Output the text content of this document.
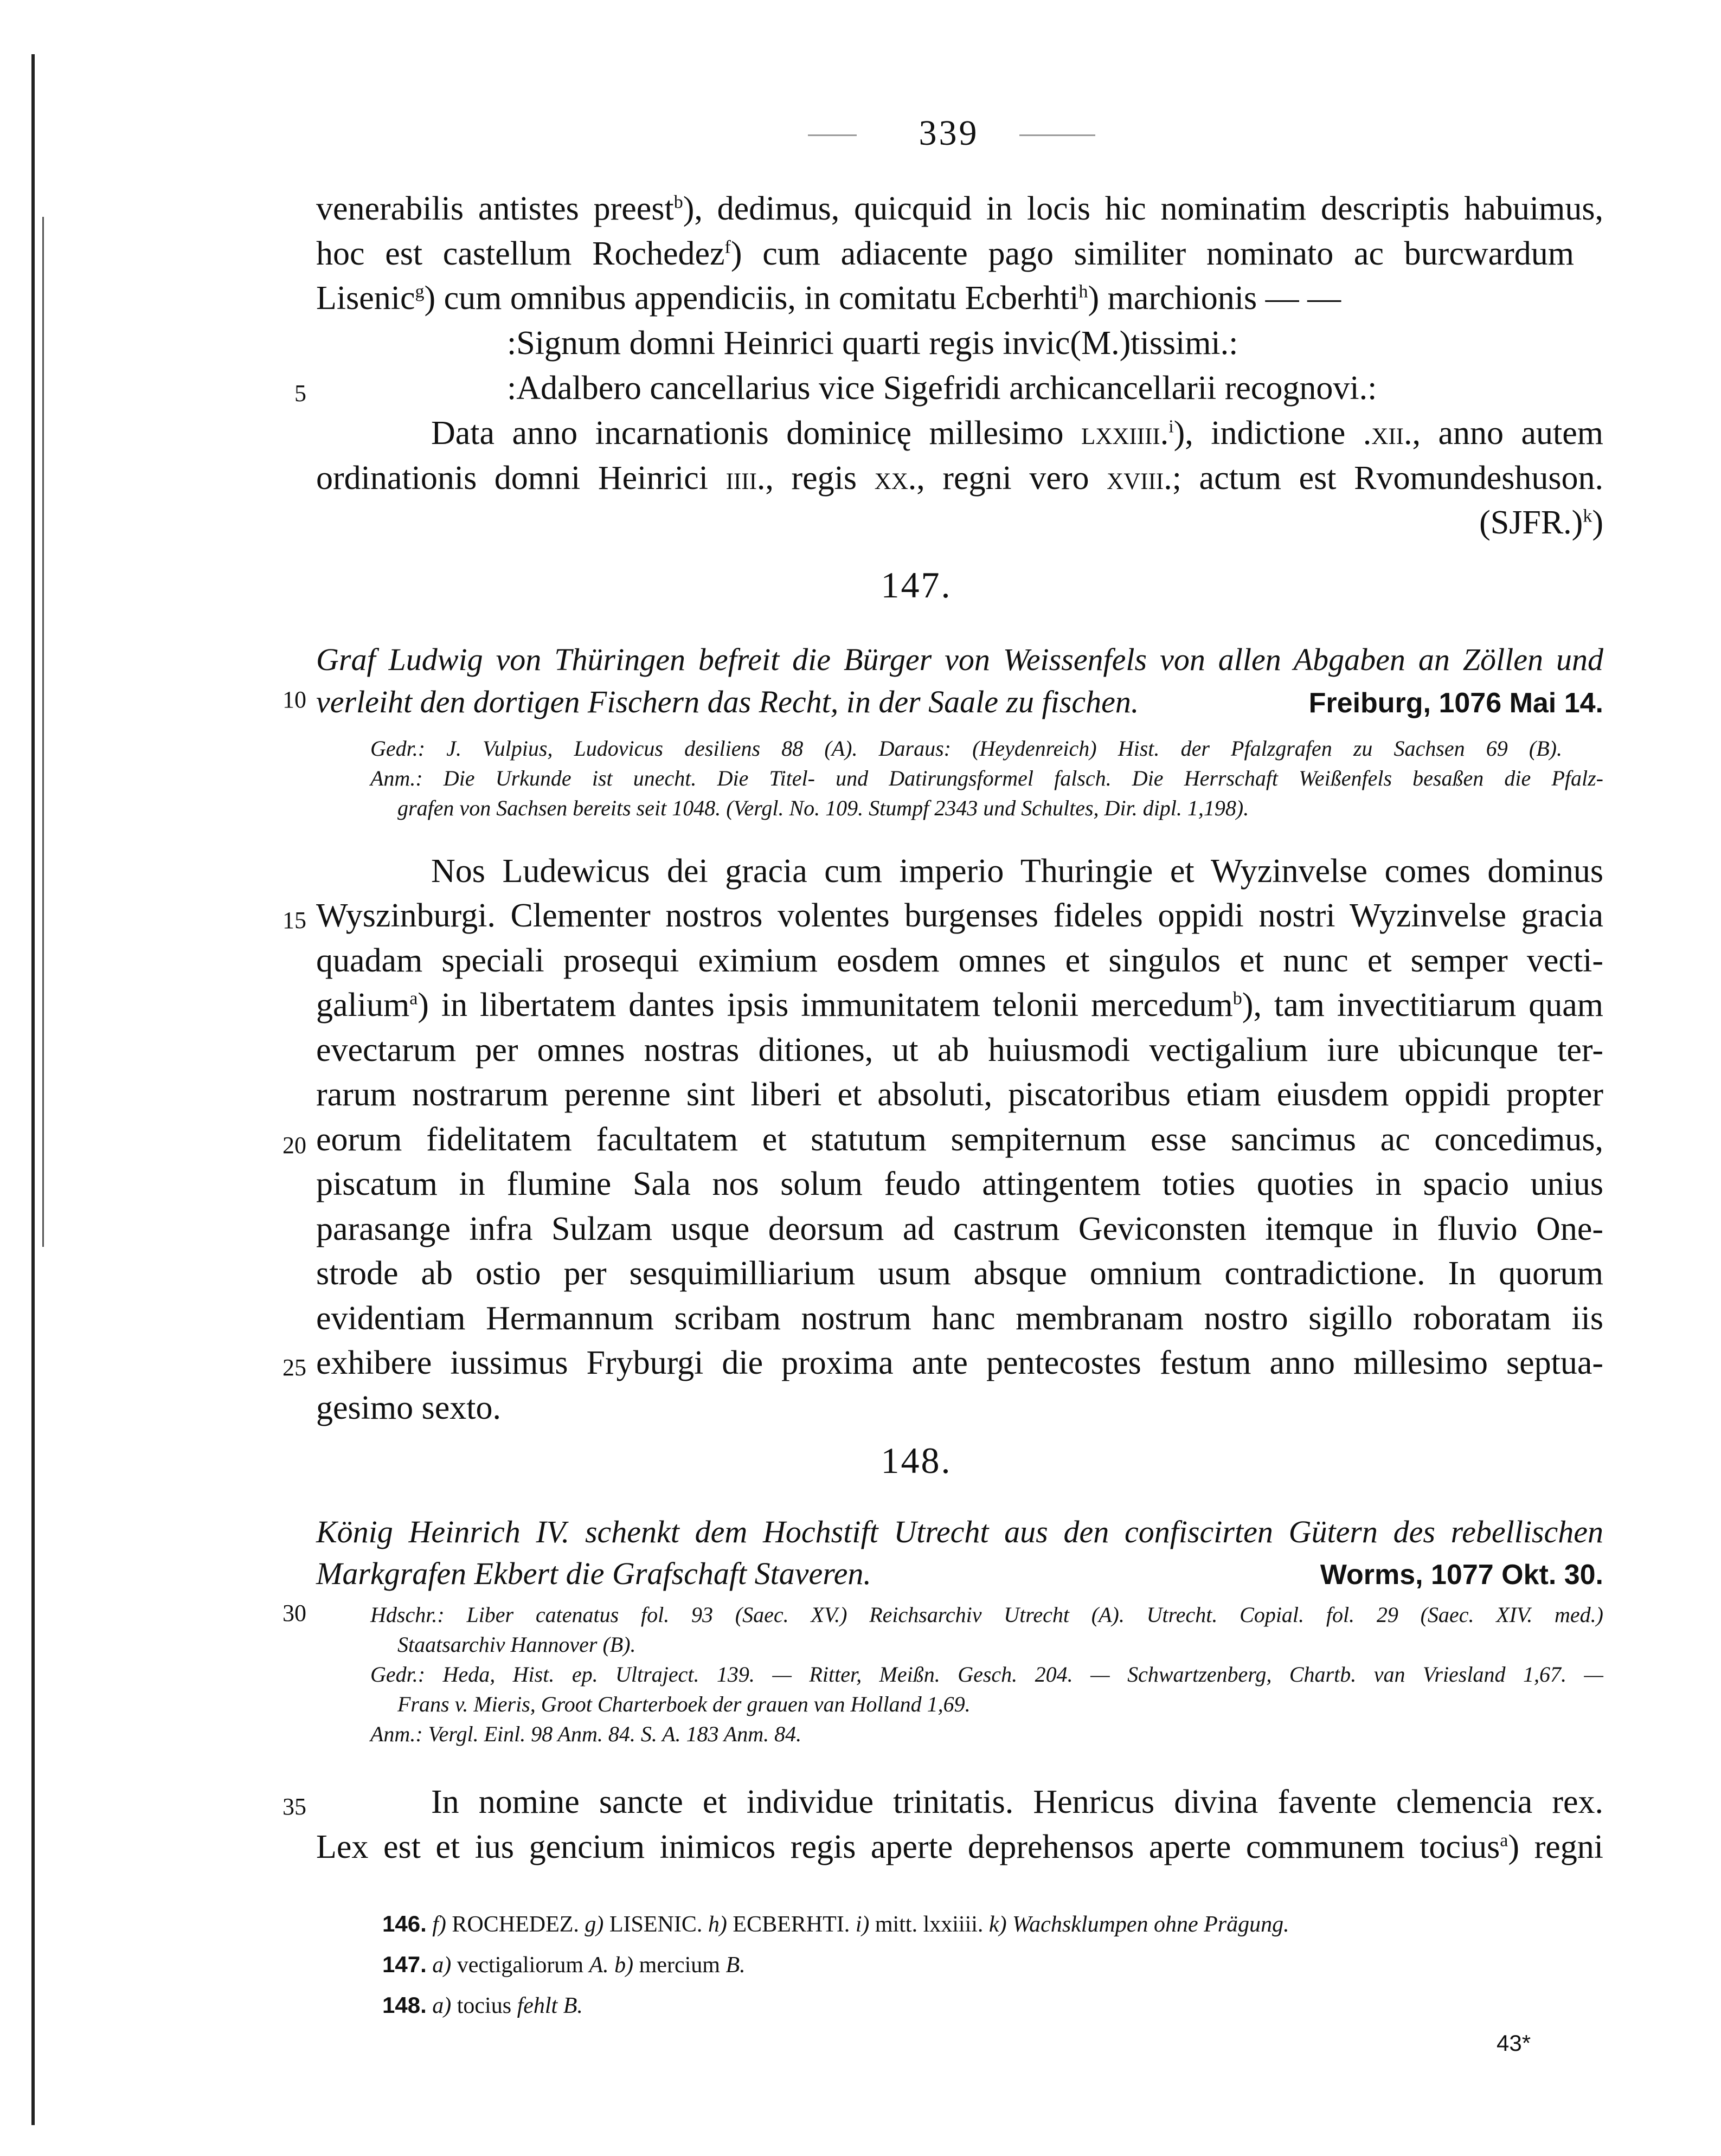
339
venerabilis antistes preest$^b$), dedimus, quicquid in locis hic nominatim descriptis habuimus,
hoc est castellum Rochedez$^f$) cum adiacente pago similiter nominato ac burcwardum
Lisenic$^g$) cum omnibus appendiciis, in comitatu Ecberhti$^h$) marchionis — —
:Signum domni Heinrici quarti regis invic(M.)tissimi.:
:Adalbero cancellarius vice Sigefridi archicancellarii recognovi.:
Data anno incarnationis dominicę millesimo lxxiiii.$^i$), indictione .xii., anno autem
ordinationis domni Heinrici iiii., regis xx., regni vero xviii.; actum est Rvomundeshuson.
(SJFR.)$^k$)
5
10
15
20
25
30
35
147.
Graf Ludwig von Thüringen befreit die Bürger von Weissenfels von allen Abgaben an Zöllen und
verleiht den dortigen Fischern das Recht, in der Saale zu fischen.	Freiburg, 1076 Mai 14.
Gedr.: J. Vulpius, Ludovicus desiliens 88 (A). Daraus: (Heydenreich) Hist. der Pfalzgrafen zu Sachsen 69 (B).
Anm.: Die Urkunde ist unecht. Die Titel- und Datirungsformel falsch. Die Herrschaft Weißenfels besaßen die Pfalz-
grafen von Sachsen bereits seit 1048. (Vergl. No. 109. Stumpf 2343 und Schultes, Dir. dipl. 1,198).
Nos Ludewicus dei gracia cum imperio Thuringie et Wyzinvelse comes dominus
Wyszinburgi. Clementer nostros volentes burgenses fideles oppidi nostri Wyzinvelse gracia
quadam speciali prosequi eximium eosdem omnes et singulos et nunc et semper vecti-
galium$^a$) in libertatem dantes ipsis immunitatem telonii mercedum$^b$), tam invectitiarum quam
evectarum per omnes nostras ditiones, ut ab huiusmodi vectigalium iure ubicunque ter-
rarum nostrarum perenne sint liberi et absoluti, piscatoribus etiam eiusdem oppidi propter
eorum fidelitatem facultatem et statutum sempiternum esse sancimus ac concedimus,
piscatum in flumine Sala nos solum feudo attingentem toties quoties in spacio unius
parasange infra Sulzam usque deorsum ad castrum Geviconsten itemque in fluvio One-
strode ab ostio per sesquimilliarium usum absque omnium contradictione. In quorum
evidentiam Hermannum scribam nostrum hanc membranam nostro sigillo roboratam iis
exhibere iussimus Fryburgi die proxima ante pentecostes festum anno millesimo septua-
gesimo sexto.
148.
König Heinrich IV. schenkt dem Hochstift Utrecht aus den confiscirten Gütern des rebellischen
Markgrafen Ekbert die Grafschaft Staveren.	Worms, 1077 Okt. 30.
Hdschr.: Liber catenatus fol. 93 (Saec. XV.) Reichsarchiv Utrecht (A). Utrecht. Copial. fol. 29 (Saec. XIV. med.)
Staatsarchiv Hannover (B).
Gedr.: Heda, Hist. ep. Ultraject. 139. — Ritter, Meißn. Gesch. 204. — Schwartzenberg, Chartb. van Vriesland 1,67. —
Frans v. Mieris, Groot Charterboek der grauen van Holland 1,69.
Anm.: Vergl. Einl. 98 Anm. 84. S. A. 183 Anm. 84.
In nomine sancte et individue trinitatis. Henricus divina favente clemencia rex.
Lex est et ius gencium inimicos regis aperte deprehensos aperte communem tocius$^a$) regni
146. f) ROCHEDEZ. g) LISENIC. h) ECBERHTI. i) mitt. lxxiiii. k) Wachsklumpen ohne Prägung.
147. a) vectigaliorum A. b) mercium B.
148. a) tocius fehlt B.
43*
